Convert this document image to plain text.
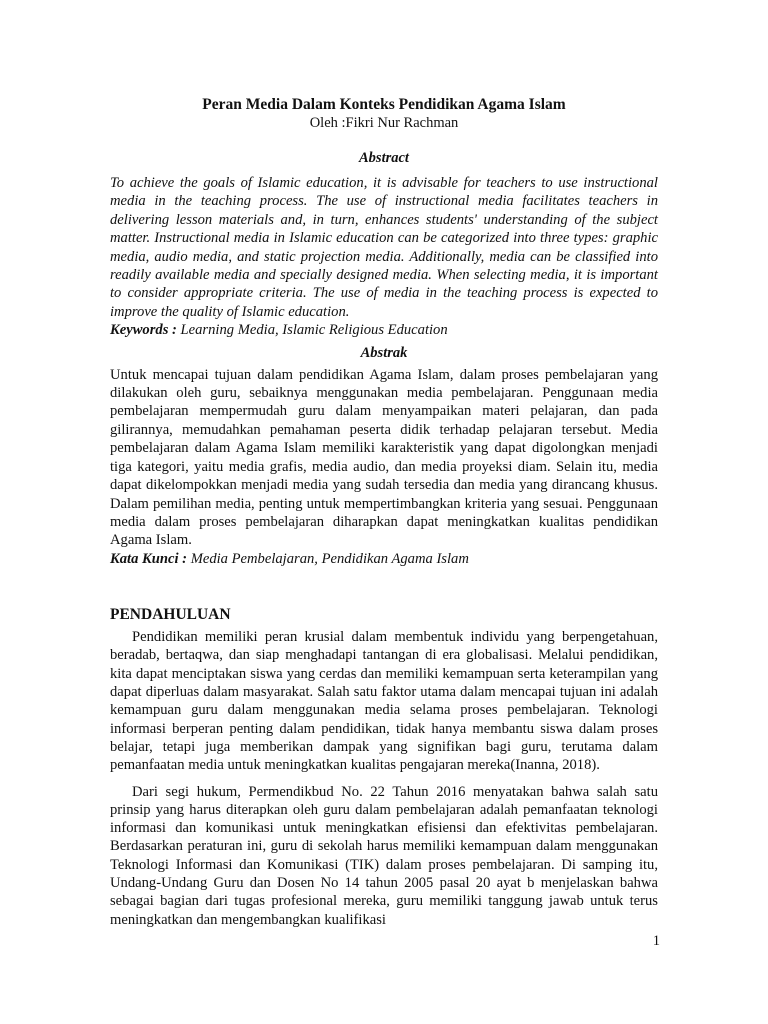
Peran Media Dalam Konteks Pendidikan Agama Islam

Oleh :Fikri Nur Rachman

Abstract

To achieve the goals of Islamic education, it is advisable for teachers to use instructional media in the teaching process. The use of instructional media facilitates teachers in delivering lesson materials and, in turn, enhances students' understanding of the subject matter. Instructional media in Islamic education can be categorized into three types: graphic media, audio media, and static projection media. Additionally, media can be classified into readily available media and specially designed media. When selecting media, it is important to consider appropriate criteria. The use of media in the teaching process is expected to improve the quality of Islamic education.

Keywords : Learning Media, Islamic Religious Education

Abstrak

Untuk mencapai tujuan dalam pendidikan Agama Islam, dalam proses pembelajaran yang dilakukan oleh guru, sebaiknya menggunakan media pembelajaran. Penggunaan media pembelajaran mempermudah guru dalam menyampaikan materi pelajaran, dan pada gilirannya, memudahkan pemahaman peserta didik terhadap pelajaran tersebut. Media pembelajaran dalam Agama Islam memiliki karakteristik yang dapat digolongkan menjadi tiga kategori, yaitu media grafis, media audio, dan media proyeksi diam. Selain itu, media dapat dikelompokkan menjadi media yang sudah tersedia dan media yang dirancang khusus. Dalam pemilihan media, penting untuk mempertimbangkan kriteria yang sesuai. Penggunaan media dalam proses pembelajaran diharapkan dapat meningkatkan kualitas pendidikan Agama Islam.

Kata Kunci : Media Pembelajaran, Pendidikan Agama Islam

PENDAHULUAN

Pendidikan memiliki peran krusial dalam membentuk individu yang berpengetahuan, beradab, bertaqwa, dan siap menghadapi tantangan di era globalisasi. Melalui pendidikan, kita dapat menciptakan siswa yang cerdas dan memiliki kemampuan serta keterampilan yang dapat diperluas dalam masyarakat. Salah satu faktor utama dalam mencapai tujuan ini adalah kemampuan guru dalam menggunakan media selama proses pembelajaran. Teknologi informasi berperan penting dalam pendidikan, tidak hanya membantu siswa dalam proses belajar, tetapi juga memberikan dampak yang signifikan bagi guru, terutama dalam pemanfaatan media untuk meningkatkan kualitas pengajaran mereka(Inanna, 2018).

Dari segi hukum, Permendikbud No. 22 Tahun 2016 menyatakan bahwa salah satu prinsip yang harus diterapkan oleh guru dalam pembelajaran adalah pemanfaatan teknologi informasi dan komunikasi untuk meningkatkan efisiensi dan efektivitas pembelajaran. Berdasarkan peraturan ini, guru di sekolah harus memiliki kemampuan dalam menggunakan Teknologi Informasi dan Komunikasi (TIK) dalam proses pembelajaran. Di samping itu, Undang-Undang Guru dan Dosen No 14 tahun 2005 pasal 20 ayat b menjelaskan bahwa sebagai bagian dari tugas profesional mereka, guru memiliki tanggung jawab untuk terus meningkatkan dan mengembangkan kualifikasi

1
